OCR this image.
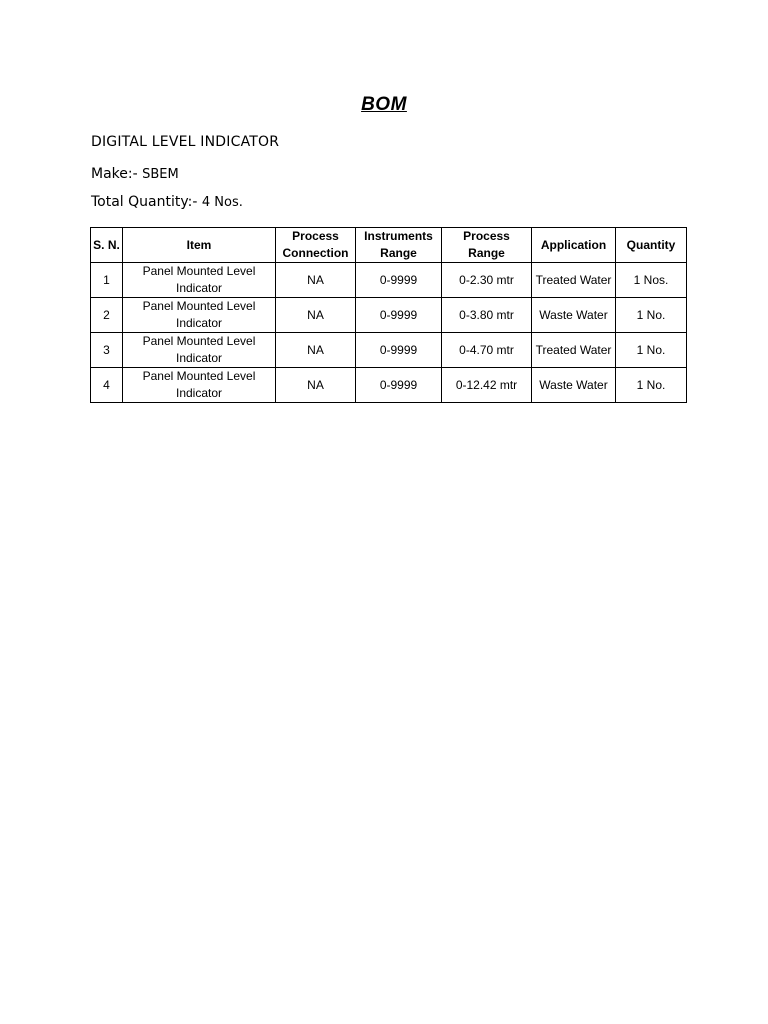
BOM
DIGITAL LEVEL INDICATOR
Make:- SBEM
Total Quantity:- 4 Nos.
S. N.	Item	Process Connection	Instruments Range	Process Range	Application	Quantity
1	Panel Mounted Level Indicator	NA	0-9999	0-2.30 mtr	Treated Water	1 Nos.
2	Panel Mounted Level Indicator	NA	0-9999	0-3.80 mtr	Waste Water	1 No.
3	Panel Mounted Level Indicator	NA	0-9999	0-4.70 mtr	Treated Water	1 No.
4	Panel Mounted Level Indicator	NA	0-9999	0-12.42 mtr	Waste Water	1 No.
